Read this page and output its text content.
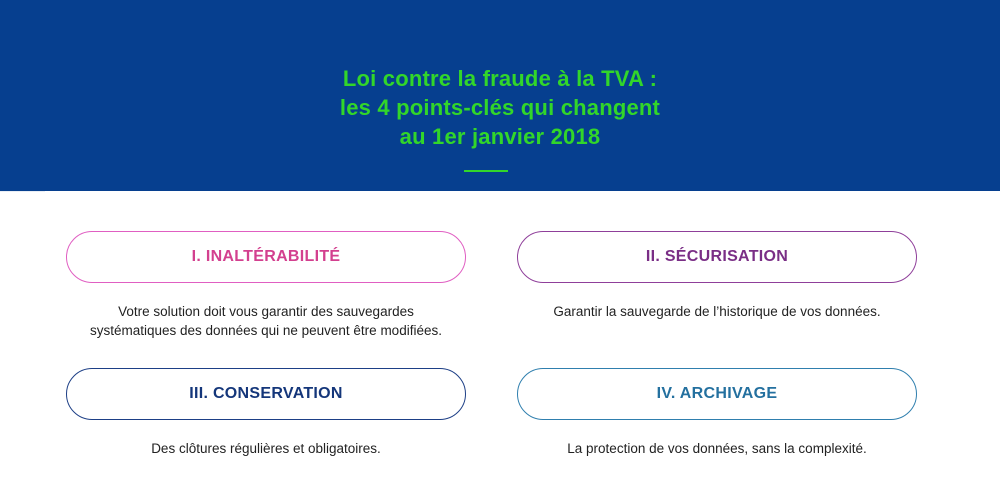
Loi contre la fraude à la TVA :
les 4 points-clés qui changent
au 1er janvier 2018
I. INALTÉRABILITÉ
Votre solution doit vous garantir des sauvegardes
systématiques des données qui ne peuvent être modifiées.
II. SÉCURISATION
Garantir la sauvegarde de l’historique de vos données.
III. CONSERVATION
Des clôtures régulières et obligatoires.
IV. ARCHIVAGE
La protection de vos données, sans la complexité.
